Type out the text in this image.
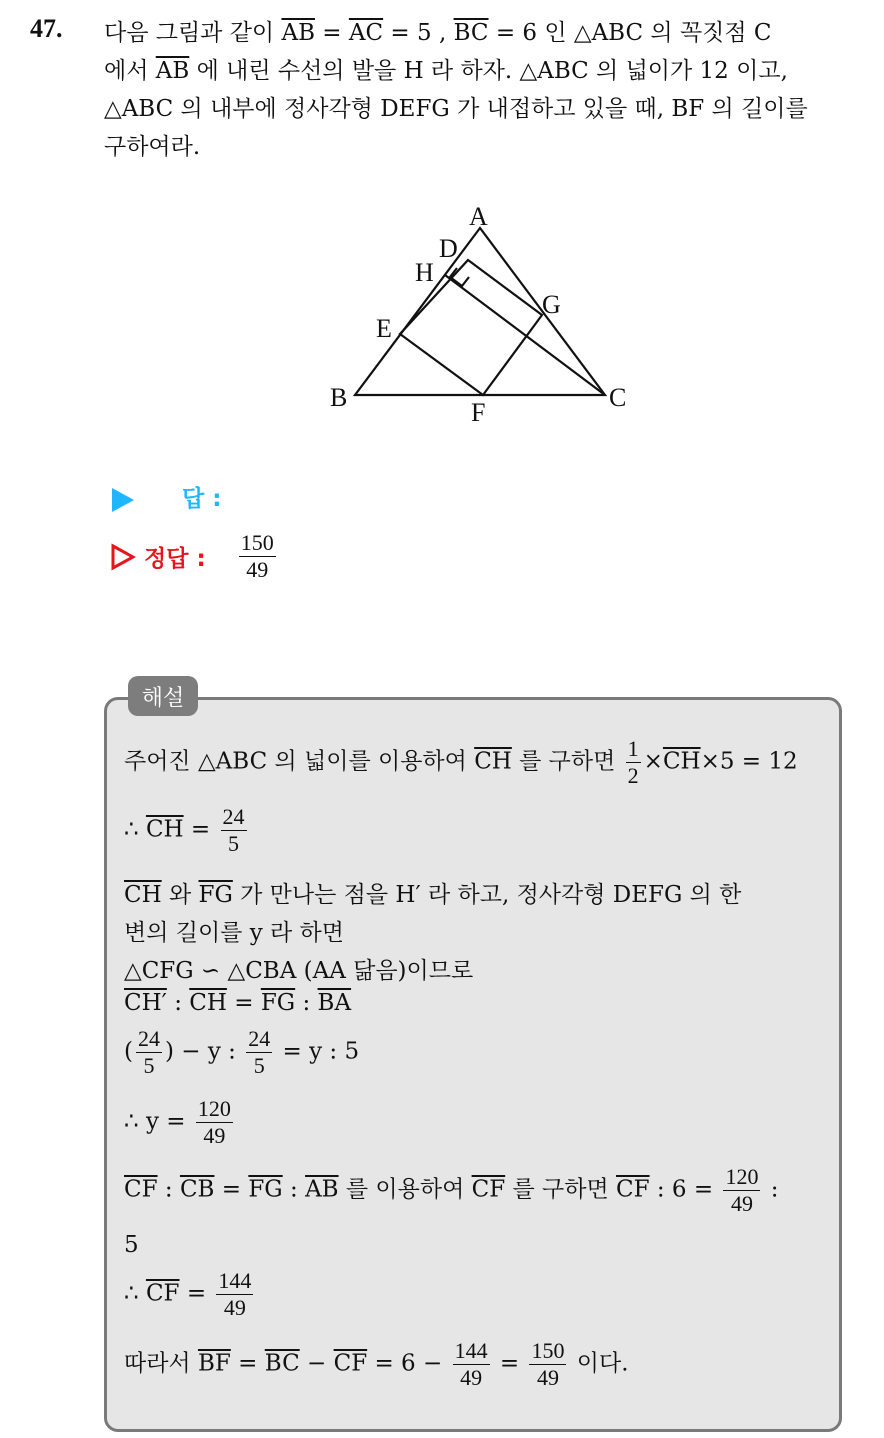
47. 다음 그림과 같이 $\overline{AB} = \overline{AC} = 5$ , $\overline{BC} = 6$ 인 △ABC 의 꼭짓점 C
에서 $\overline{AB}$ 에 내린 수선의 발을 H 라 하자. △ABC 의 넓이가 12 이고,
△ABC 의 내부에 정사각형 DEFG 가 내접하고 있을 때, BF 의 길이를
구하여라.
A
D
H
G
E
B
F
C
답 :
정답 : $\frac{150}{49}$
해설
주어진 △ABC 의 넓이를 이용하여 $\overline{CH}$ 를 구하면 $\frac{1}{2} \times\overline{CH}\times 5 = 12$
∴ $\overline{CH} = \frac{24}{5}$
$\overline{CH}$ 와 $\overline{FG}$ 가 만나는 점을 H′ 라 하고, 정사각형 DEFG 의 한
변의 길이를 y 라 하면
△CFG ∽ △CBA (AA 닮음)이므로
CH′ : $\overline{CH} = \overline{FG}$ : $\overline{BA}$
( $\frac{24}{5}$ ) − y : $\frac{24}{5} = y$ : 5
∴ $y = \frac{120}{49}$
$\overline{CF}$ : $\overline{CB} = \overline{FG}$ : $\overline{AB}$ 를 이용하여 $\overline{CF}$ 를 구하면 $\overline{CF}$ : $6 = \frac{120}{49}$ :
5
∴ $\overline{CF} = \frac{144}{49}$
따라서 $\overline{BF} = \overline{BC} - \overline{CF} = 6 - \frac{144}{49} = \frac{150}{49}$ 이다.
